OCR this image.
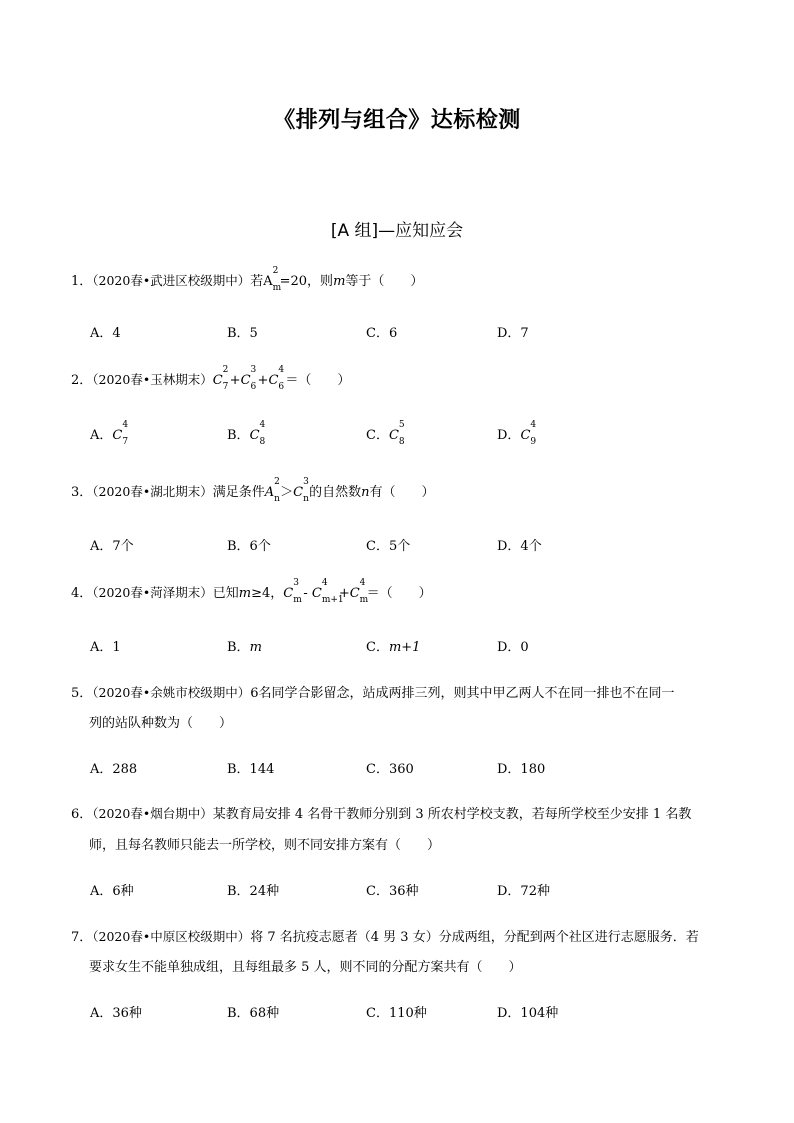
《排列与组合》达标检测
[A 组]—应知应会
1．（2020春•武进区校级期中）若A
2
m
=20，则m等于（　　）
A．4	B．5	C．6	D．7
2．（2020春•玉林期末）C
2
7 +C
3
6 +C
4
6 ＝（　　）
A．C
4
7	B．C
4
8	C．C
5
8	D．C
4
9
3．（2020春•湖北期末）满足条件A
2
n ＞C
3
n 的自然数n有（　　）
A．7个	B．6个	C．5个	D．4个
4．（2020春•菏泽期末）已知m≥4，C
3
m
- C
4
m+1
+C
4
m
＝（　　）
A．1	B．m	C．m+1	D．0
5．（2020春•余姚市校级期中）6名同学合影留念，站成两排三列，则其中甲乙两人不在同一排也不在同一
列的站队种数为（　　）
A．288	B．144	C．360	D．180
6．（2020春•烟台期中）某教育局安排 4 名骨干教师分别到 3 所农村学校支教，若每所学校至少安排 1 名教
师，且每名教师只能去一所学校，则不同安排方案有（　　）
A．6种	B．24种	C．36种	D．72种
7．（2020春•中原区校级期中）将 7 名抗疫志愿者（4 男 3 女）分成两组，分配到两个社区进行志愿服务．若
要求女生不能单独成组，且每组最多 5 人，则不同的分配方案共有（　　）
A．36种	B．68种	C．110种	D．104种
